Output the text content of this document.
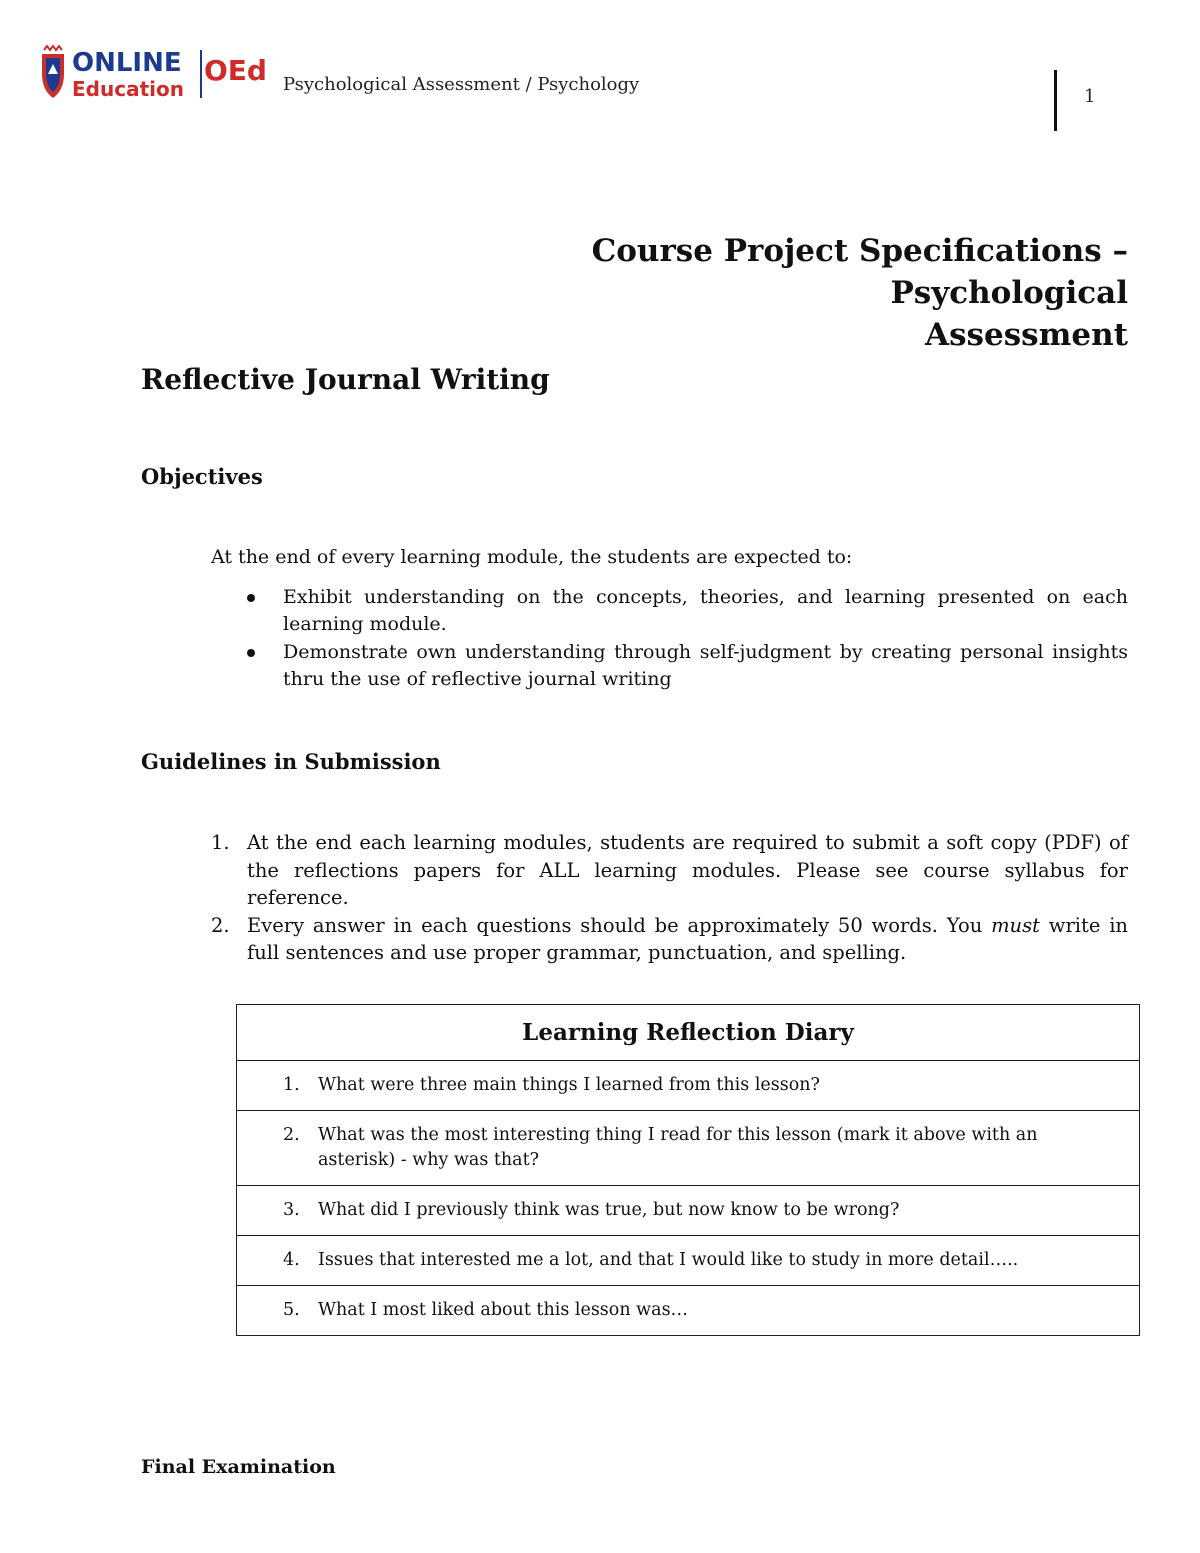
ONLINE
Education
OEd Psychological Assessment / Psychology
1
Course Project Specifications –Psychological
Assessment
Reflective Journal Writing
Objectives
At the end of every learning module, the students are expected to:
Exhibit understanding on the concepts, theories, and learning presented on each learning module.
Demonstrate own understanding through self-judgment by creating personal insights thru the use of reflective journal writing
Guidelines in Submission
1. At the end each learning modules, students are required to submit a soft copy (PDF) of the reflections papers for ALL learning modules. Please see course syllabus for reference.
2. Every answer in each questions should be approximately 50 words. You must write in full sentences and use proper grammar, punctuation, and spelling.
Learning Reflection Diary

1. What were three main things I learned from this lesson?

2. What was the most interesting thing I read for this lesson (mark it above with an asterisk) - why was that?

3. What did I previously think was true, but now know to be wrong?

4. Issues that interested me a lot, and that I would like to study in more detail…..

5. What I most liked about this lesson was…
Final Examination
